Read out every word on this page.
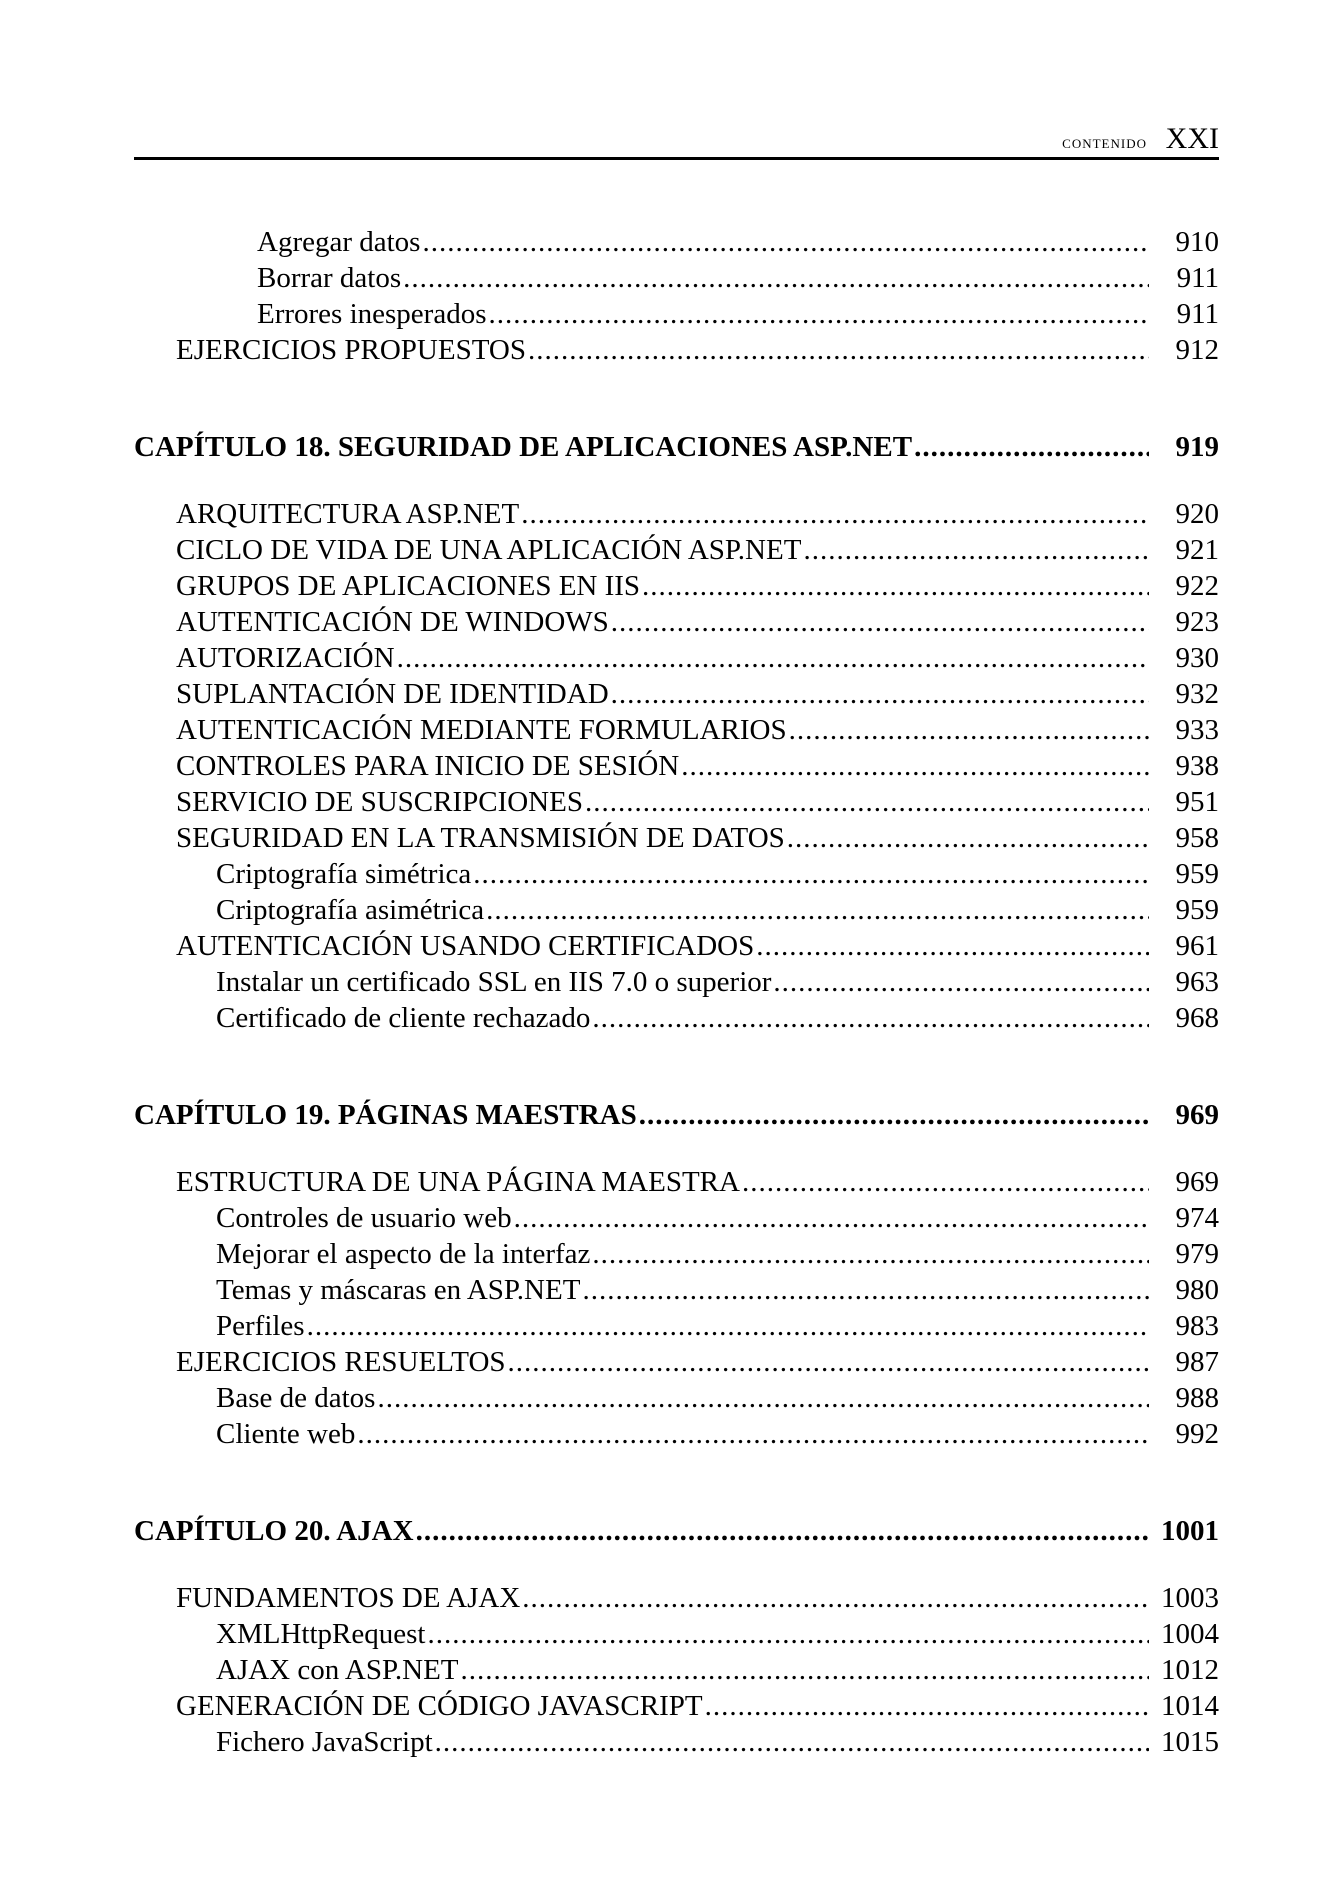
contenido XXI
Agregar datos .....	910
Borrar datos .....	911
Errores inesperados .....	911
EJERCICIOS PROPUESTOS .....	912
CAPÍTULO 18. SEGURIDAD DE APLICACIONES ASP.NET .....	919
ARQUITECTURA ASP.NET .....	920
CICLO DE VIDA DE UNA APLICACIÓN ASP.NET .....	921
GRUPOS DE APLICACIONES EN IIS .....	922
AUTENTICACIÓN DE WINDOWS .....	923
AUTORIZACIÓN .....	930
SUPLANTACIÓN DE IDENTIDAD .....	932
AUTENTICACIÓN MEDIANTE FORMULARIOS .....	933
CONTROLES PARA INICIO DE SESIÓN .....	938
SERVICIO DE SUSCRIPCIONES .....	951
SEGURIDAD EN LA TRANSMISIÓN DE DATOS .....	958
Criptografía simétrica .....	959
Criptografía asimétrica .....	959
AUTENTICACIÓN USANDO CERTIFICADOS .....	961
Instalar un certificado SSL en IIS 7.0 o superior .....	963
Certificado de cliente rechazado .....	968
CAPÍTULO 19. PÁGINAS MAESTRAS .....	969
ESTRUCTURA DE UNA PÁGINA MAESTRA .....	969
Controles de usuario web .....	974
Mejorar el aspecto de la interfaz .....	979
Temas y máscaras en ASP.NET .....	980
Perfiles .....	983
EJERCICIOS RESUELTOS .....	987
Base de datos .....	988
Cliente web .....	992
CAPÍTULO 20. AJAX .....	1001
FUNDAMENTOS DE AJAX .....	1003
XMLHttpRequest .....	1004
AJAX con ASP.NET .....	1012
GENERACIÓN DE CÓDIGO JAVASCRIPT .....	1014
Fichero JavaScript .....	1015
